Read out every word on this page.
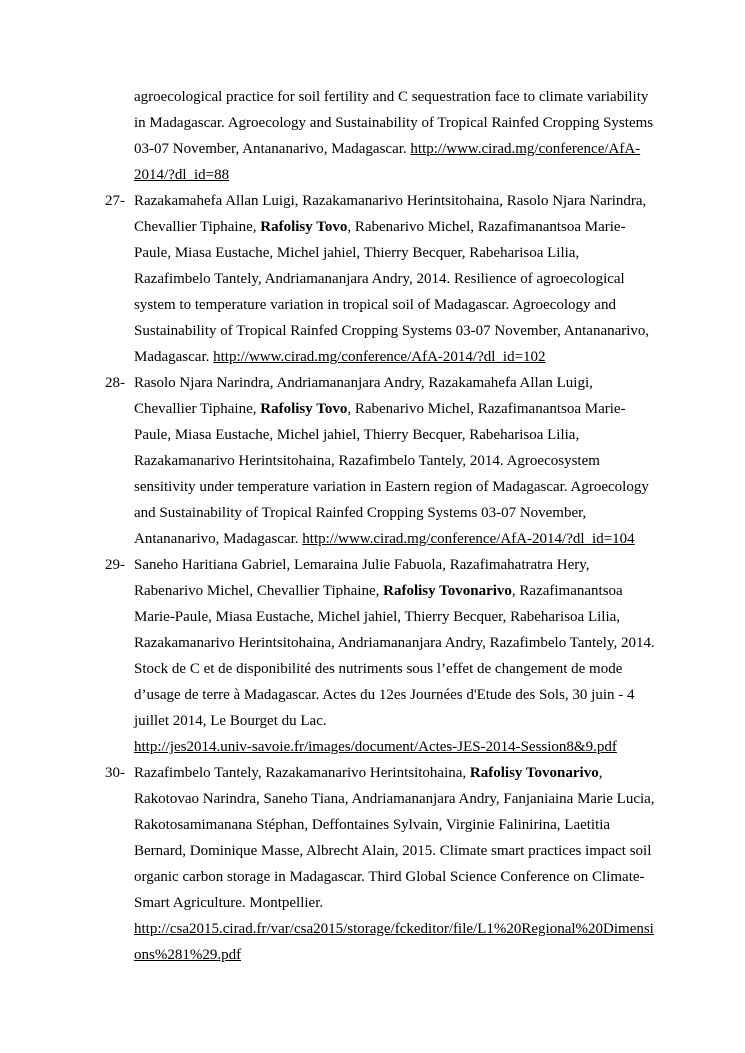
agroecological practice for soil fertility and C sequestration face to climate variability in Madagascar. Agroecology and Sustainability of Tropical Rainfed Cropping Systems 03-07 November, Antananarivo, Madagascar. http://www.cirad.mg/conference/AfA-2014/?dl_id=88
27- Razakamahefa Allan Luigi, Razakamanarivo Herintsitohaina, Rasolo Njara Narindra, Chevallier Tiphaine, Rafolisy Tovo, Rabenarivo Michel, Razafimanantsoa Marie-Paule, Miasa Eustache, Michel jahiel, Thierry Becquer, Rabeharisoa Lilia, Razafimbelo Tantely, Andriamananjara Andry, 2014. Resilience of agroecological system to temperature variation in tropical soil of Madagascar. Agroecology and Sustainability of Tropical Rainfed Cropping Systems 03-07 November, Antananarivo, Madagascar. http://www.cirad.mg/conference/AfA-2014/?dl_id=102
28- Rasolo Njara Narindra, Andriamananjara Andry, Razakamahefa Allan Luigi, Chevallier Tiphaine, Rafolisy Tovo, Rabenarivo Michel, Razafimanantsoa Marie-Paule, Miasa Eustache, Michel jahiel, Thierry Becquer, Rabeharisoa Lilia, Razakamanarivo Herintsitohaina, Razafimbelo Tantely, 2014. Agroecosystem sensitivity under temperature variation in Eastern region of Madagascar. Agroecology and Sustainability of Tropical Rainfed Cropping Systems 03-07 November, Antananarivo, Madagascar. http://www.cirad.mg/conference/AfA-2014/?dl_id=104
29- Saneho Haritiana Gabriel, Lemaraina Julie Fabuola, Razafimahatratra Hery, Rabenarivo Michel, Chevallier Tiphaine, Rafolisy Tovonarivo, Razafimanantsoa Marie-Paule, Miasa Eustache, Michel jahiel, Thierry Becquer, Rabeharisoa Lilia, Razakamanarivo Herintsitohaina, Andriamananjara Andry, Razafimbelo Tantely, 2014. Stock de C et de disponibilité des nutriments sous l’effet de changement de mode d’usage de terre à Madagascar. Actes du 12es Journées d'Etude des Sols, 30 juin - 4 juillet 2014, Le Bourget du Lac. http://jes2014.univ-savoie.fr/images/document/Actes-JES-2014-Session8&9.pdf
30- Razafimbelo Tantely, Razakamanarivo Herintsitohaina, Rafolisy Tovonarivo, Rakotovao Narindra, Saneho Tiana, Andriamananjara Andry, Fanjaniaina Marie Lucia, Rakotosamimanana Stéphan, Deffontaines Sylvain, Virginie Falinirina, Laetitia Bernard, Dominique Masse, Albrecht Alain, 2015. Climate smart practices impact soil organic carbon storage in Madagascar. Third Global Science Conference on Climate-Smart Agriculture. Montpellier. http://csa2015.cirad.fr/var/csa2015/storage/fckeditor/file/L1%20Regional%20Dimensions%281%29.pdf
